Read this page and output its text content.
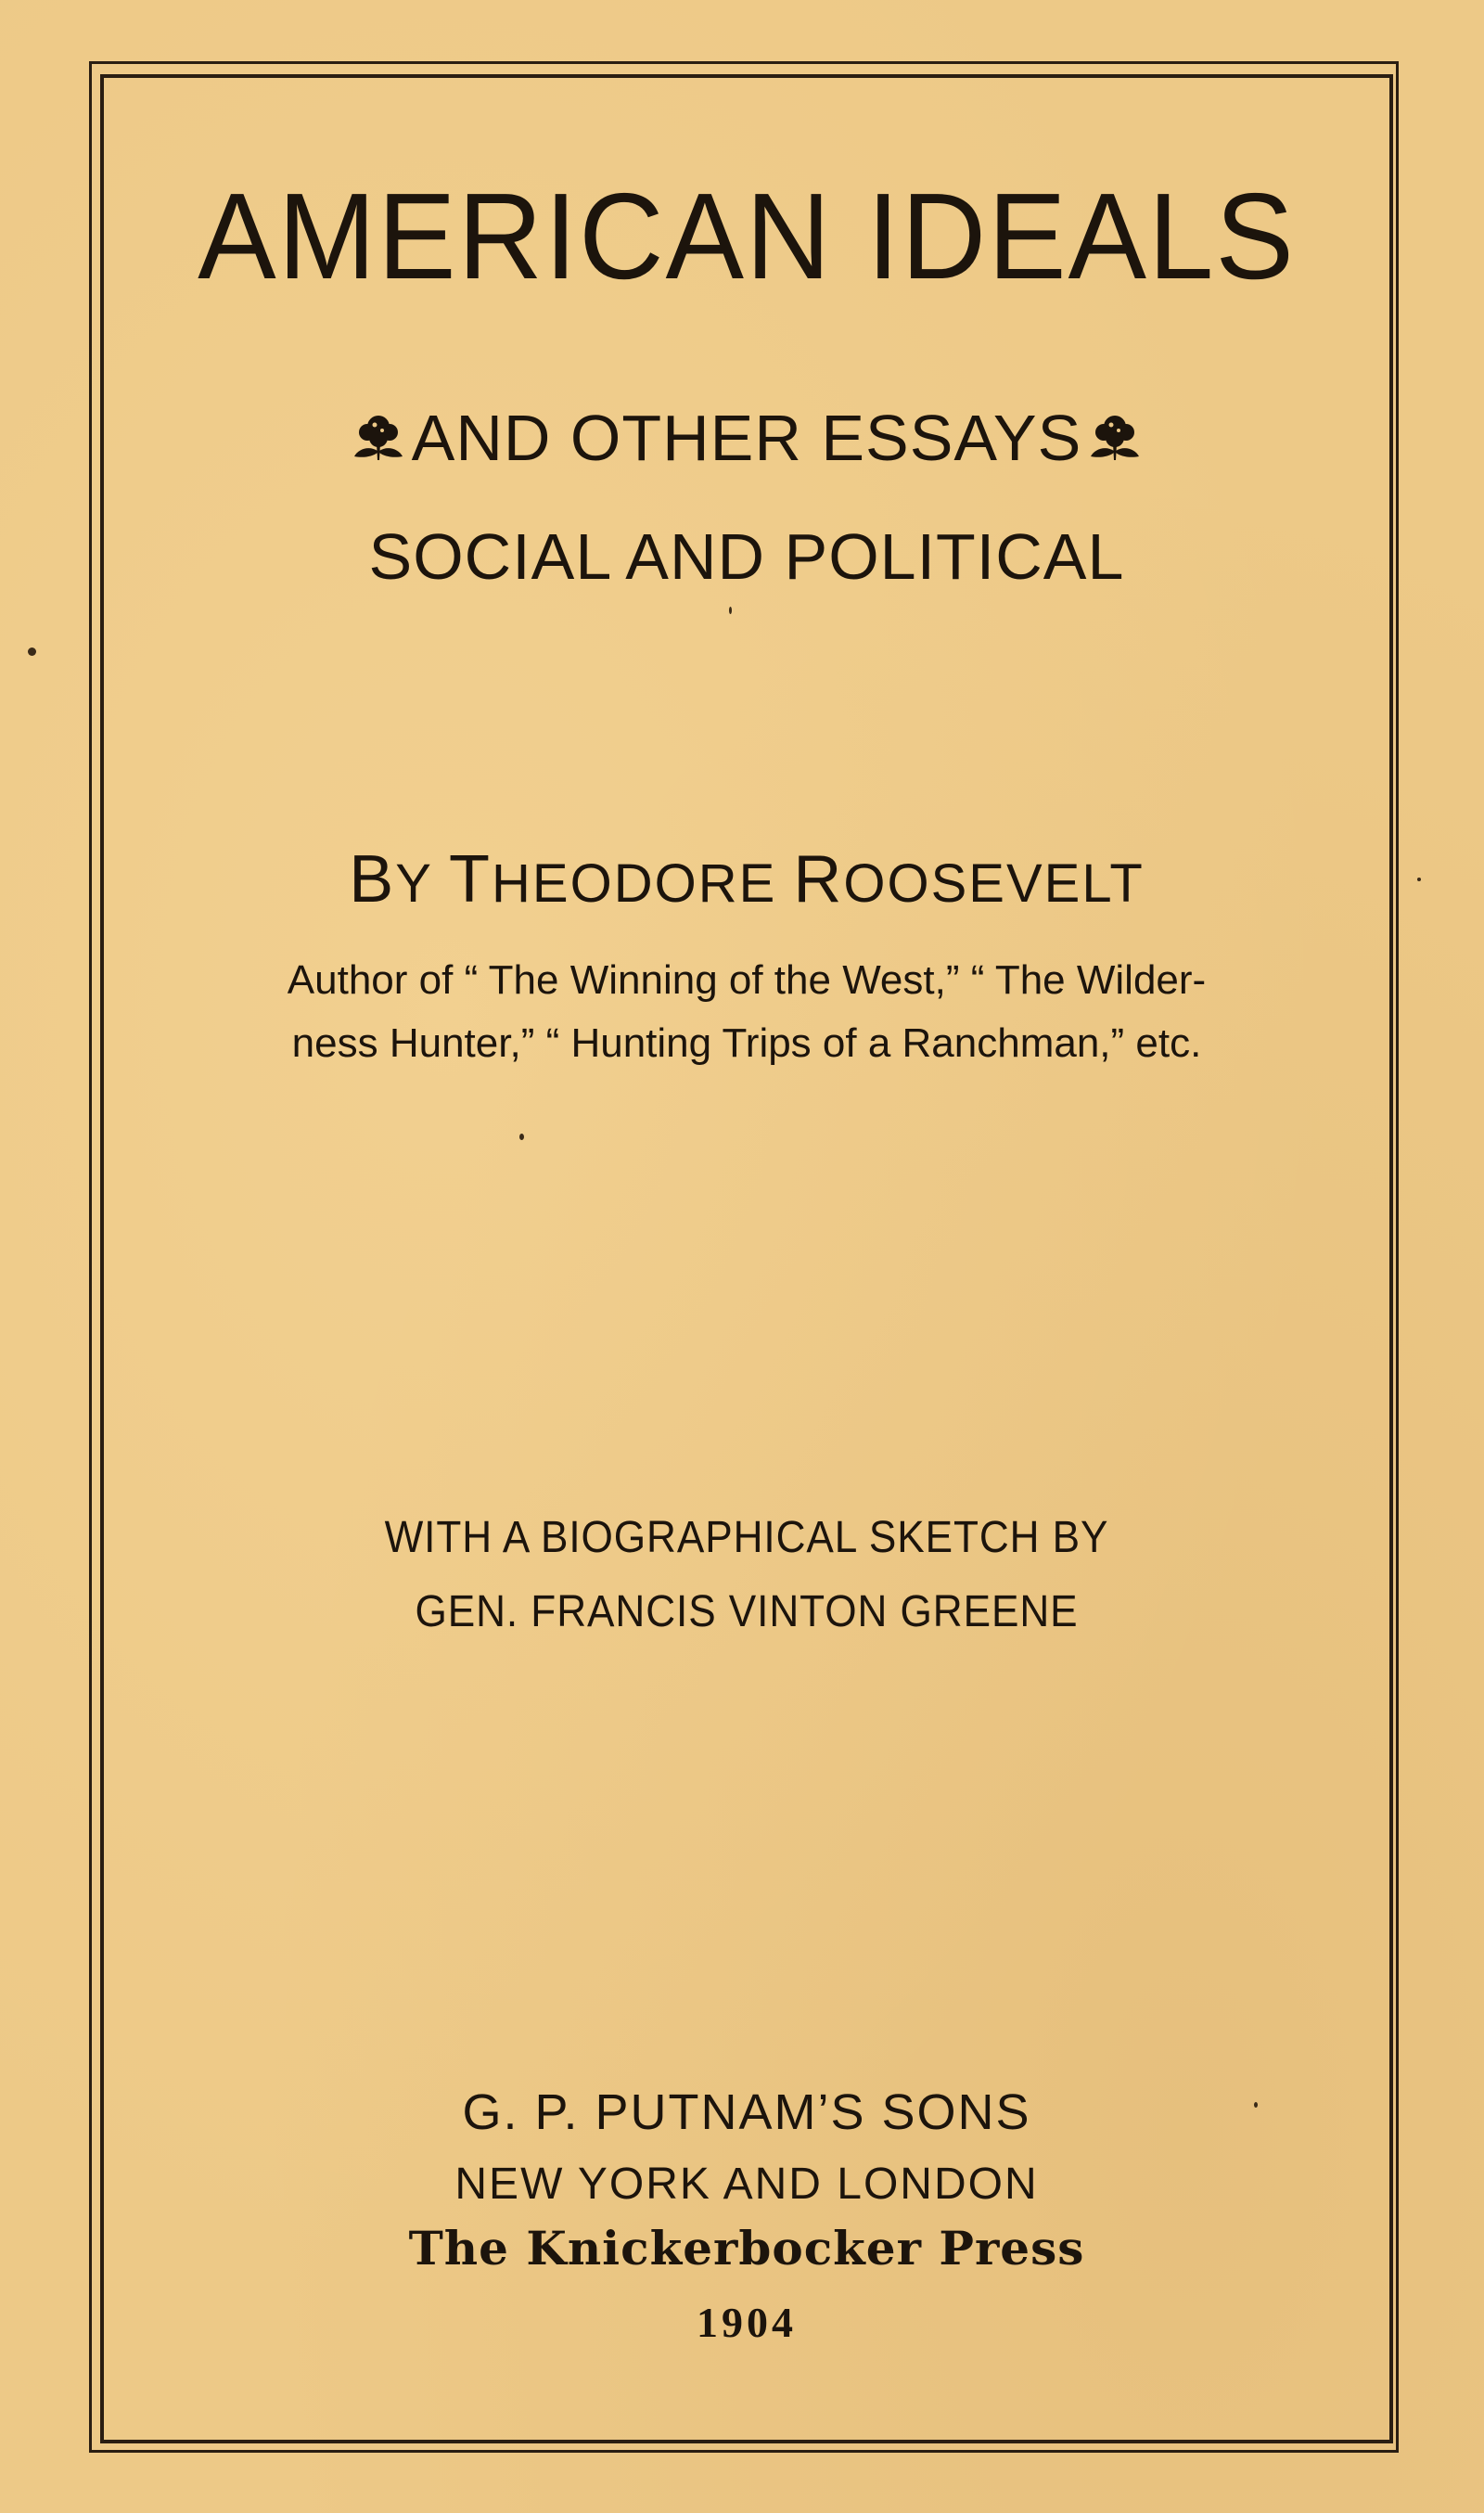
AMERICAN IDEALS
AND OTHER ESSAYS
SOCIAL AND POLITICAL
BY THEODORE ROOSEVELT
Author of “ The Winning of the West,” “ The Wilder-
ness Hunter,” “ Hunting Trips of a Ranchman,” etc.
WITH A BIOGRAPHICAL SKETCH BY
GEN. FRANCIS VINTON GREENE
G. P. PUTNAM’S SONS
NEW YORK AND LONDON
The Knickerbocker Press
1904
